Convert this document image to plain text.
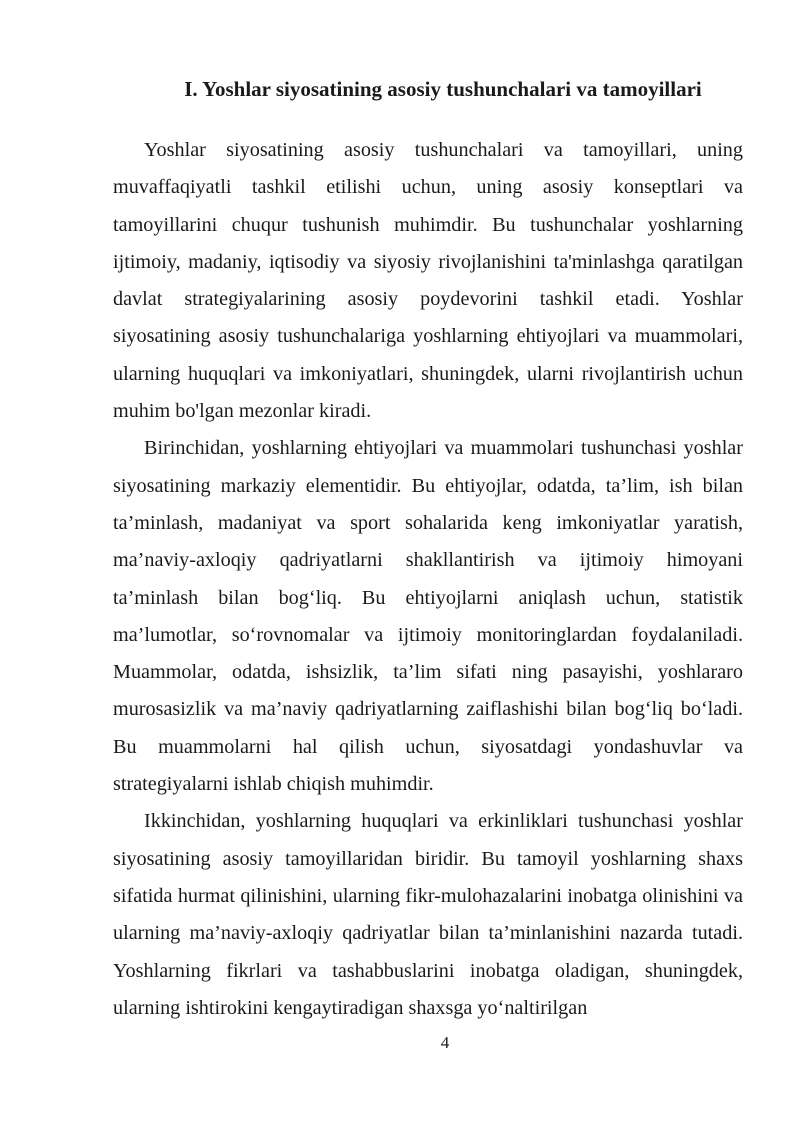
I. Yoshlar siyosatining asosiy tushunchalari va tamoyillari

Yoshlar siyosatining asosiy tushunchalari va tamoyillari, uning muvaffaqiyatli tashkil etilishi uchun, uning asosiy konseptlari va tamoyillarini chuqur tushunish muhimdir. Bu tushunchalar yoshlarning ijtimoiy, madaniy, iqtisodiy va siyosiy rivojlanishini ta'minlashga qaratilgan davlat strategiyalarining asosiy poydevorini tashkil etadi. Yoshlar siyosatining asosiy tushunchalariga yoshlarning ehtiyojlari va muammolari, ularning huquqlari va imkoniyatlari, shuningdek, ularni rivojlantirish uchun muhim bo'lgan mezonlar kiradi.

Birinchidan, yoshlarning ehtiyojlari va muammolari tushunchasi yoshlar siyosatining markaziy elementidir. Bu ehtiyojlar, odatda, ta’lim, ish bilan ta’minlash, madaniyat va sport sohalarida keng imkoniyatlar yaratish, ma’naviy-axloqiy qadriyatlarni shakllantirish va ijtimoiy himoyani ta’minlash bilan bog‘liq. Bu ehtiyojlarni aniqlash uchun, statistik ma’lumotlar, so‘rovnomalar va ijtimoiy monitoringlardan foydalaniladi. Muammolar, odatda, ishsizlik, ta’lim sifati ning pasayishi, yoshlararo murosasizlik va ma’naviy qadriyatlarning zaiflashishi bilan bog‘liq bo‘ladi. Bu muammolarni hal qilish uchun, siyosatdagi yondashuvlar va strategiyalarni ishlab chiqish muhimdir.

Ikkinchidan, yoshlarning huquqlari va erkinliklari tushunchasi yoshlar siyosatining asosiy tamoyillaridan biridir. Bu tamoyil yoshlarning shaxs sifatida hurmat qilinishini, ularning fikr-mulohazalarini inobatga olinishini va ularning ma’naviy-axloqiy qadriyatlar bilan ta’minlanishini nazarda tutadi. Yoshlarning fikrlari va tashabbuslarini inobatga oladigan, shuningdek, ularning ishtirokini kengaytiradigan shaxsga yo‘naltirilgan

4
